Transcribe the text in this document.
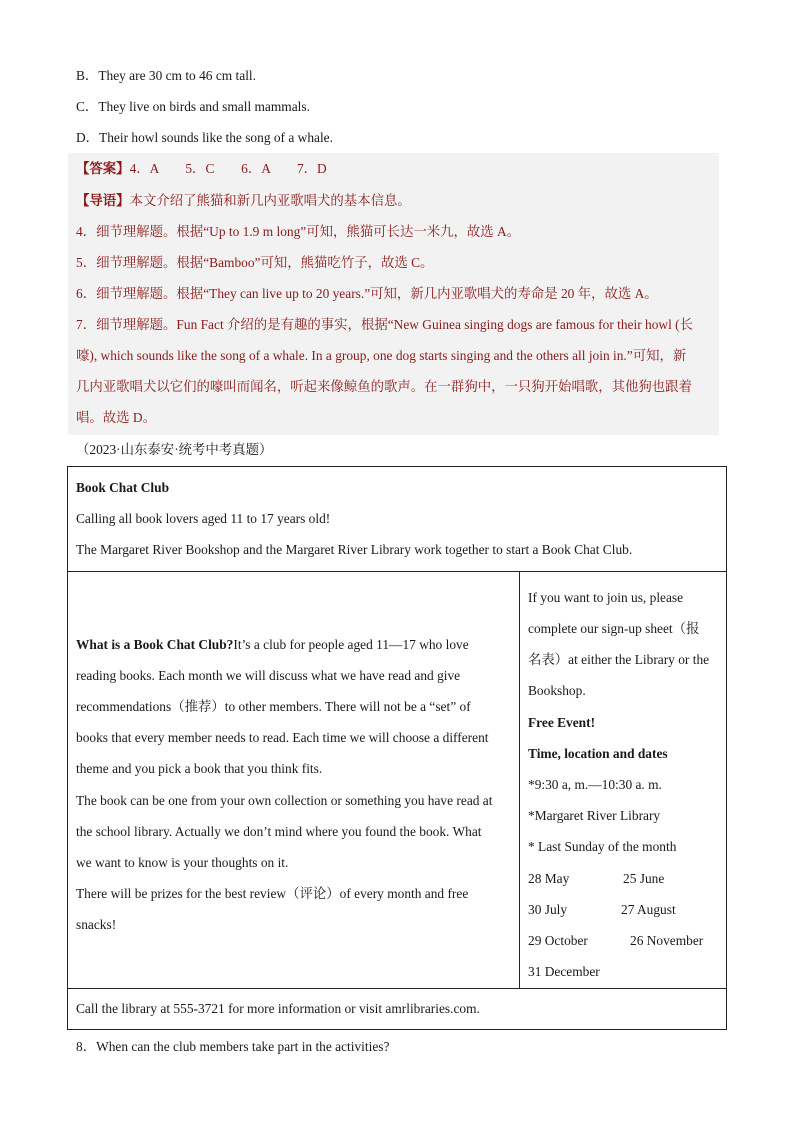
B．They are 30 cm to 46 cm tall.
C．They live on birds and small mammals.
D．Their howl sounds like the song of a whale.
【答案】4．A　　5．C　　6．A　　7．D
【导语】本文介绍了熊猫和新几内亚歌唱犬的基本信息。
4．细节理解题。根据“Up to 1.9 m long”可知，熊猫可长达一米九，故选 A。
5．细节理解题。根据“Bamboo”可知，熊猫吃竹子，故选 C。
6．细节理解题。根据“They can live up to 20 years.”可知，新几内亚歌唱犬的寿命是 20 年，故选 A。
7．细节理解题。Fun Fact 介绍的是有趣的事实，根据“New Guinea singing dogs are famous for their howl (长
嚎), which sounds like the song of a whale. In a group, one dog starts singing and the others all join in.”可知，新
几内亚歌唱犬以它们的嚎叫而闻名，听起来像鲸鱼的歌声。在一群狗中，一只狗开始唱歌，其他狗也跟着
唱。故选 D。
（2023·山东泰安·统考中考真题）
Book Chat Club
Calling all book lovers aged 11 to 17 years old!
The Margaret River Bookshop and the Margaret River Library work together to start a Book Chat Club.

What is a Book Chat Club?It’s a club for people aged 11—17 who love
reading books. Each month we will discuss what we have read and give
recommendations（推荐）to other members. There will not be a “set” of
books that every member needs to read. Each time we will choose a different
theme and you pick a book that you think fits.
The book can be one from your own collection or something you have read at
the school library. Actually we don’t mind where you found the book. What
we want to know is your thoughts on it.
There will be prizes for the best review（评论）of every month and free
snacks!

If you want to join us, please
complete our sign-up sheet（报
名表）at either the Library or the
Bookshop.
Free Event!
Time, location and dates
*9:30 a, m.—10:30 a. m.
*Margaret River Library
* Last Sunday of the month
28 May	25 June
30 July	27 August
29 October	26 November
31 December

Call the library at 555-3721 for more information or visit amrlibraries.com.
8．When can the club members take part in the activities?
